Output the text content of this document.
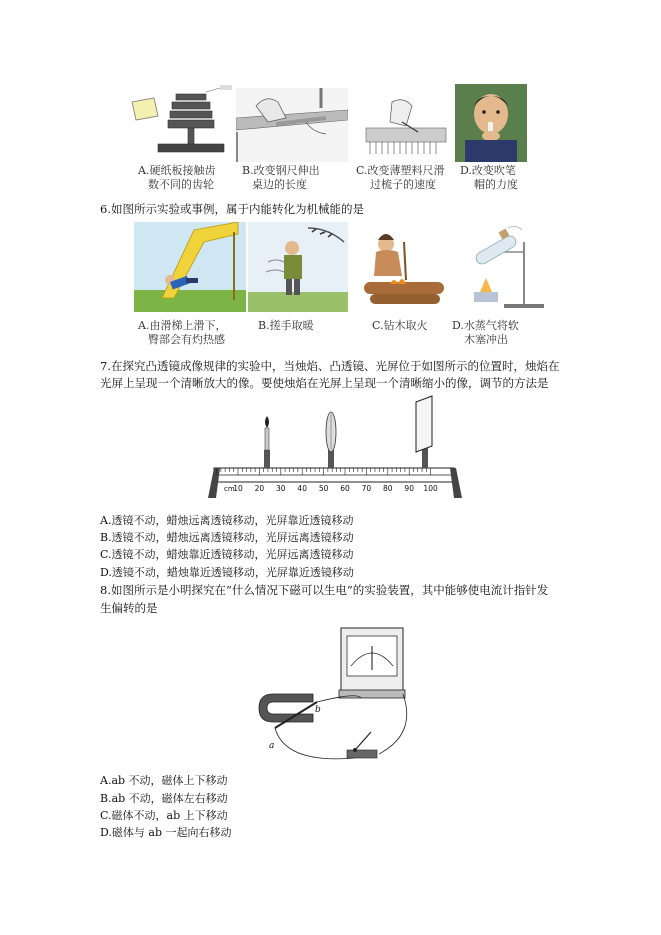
A.硬纸板接触齿
数不同的齿轮
B.改变钢尺伸出
桌边的长度
C.改变薄塑料尺滑
过梳子的速度
D.改变吹笔
帽的力度
6.如图所示实验或事例，属于内能转化为机械能的是
A.由滑梯上滑下，
臀部会有灼热感
B.搓手取暖	C.钻木取火 D.水蒸气将软
木塞冲出
7.在探究凸透镜成像规律的实验中，当烛焰、凸透镜、光屏位于如图所示的位置时，烛焰在
光屏上呈现一个清晰放大的像。要使烛焰在光屏上呈现一个清晰缩小的像，调节的方法是
cm
10 20 30 40 50 60 70 80 90 100
A.透镜不动，蜡烛远离透镜移动，光屏靠近透镜移动
B.透镜不动，蜡烛远离透镜移动，光屏远离透镜移动
C.透镜不动，蜡烛靠近透镜移动，光屏远离透镜移动
D.透镜不动，蜡烛靠近透镜移动，光屏靠近透镜移动
8.如图所示是小明探究在“什么情况下磁可以生电”的实验装置，其中能够使电流计指针发
生偏转的是
a
b
A.ab 不动，磁体上下移动
B.ab 不动，磁体左右移动
C.磁体不动，ab 上下移动
D.磁体与 ab 一起向右移动
